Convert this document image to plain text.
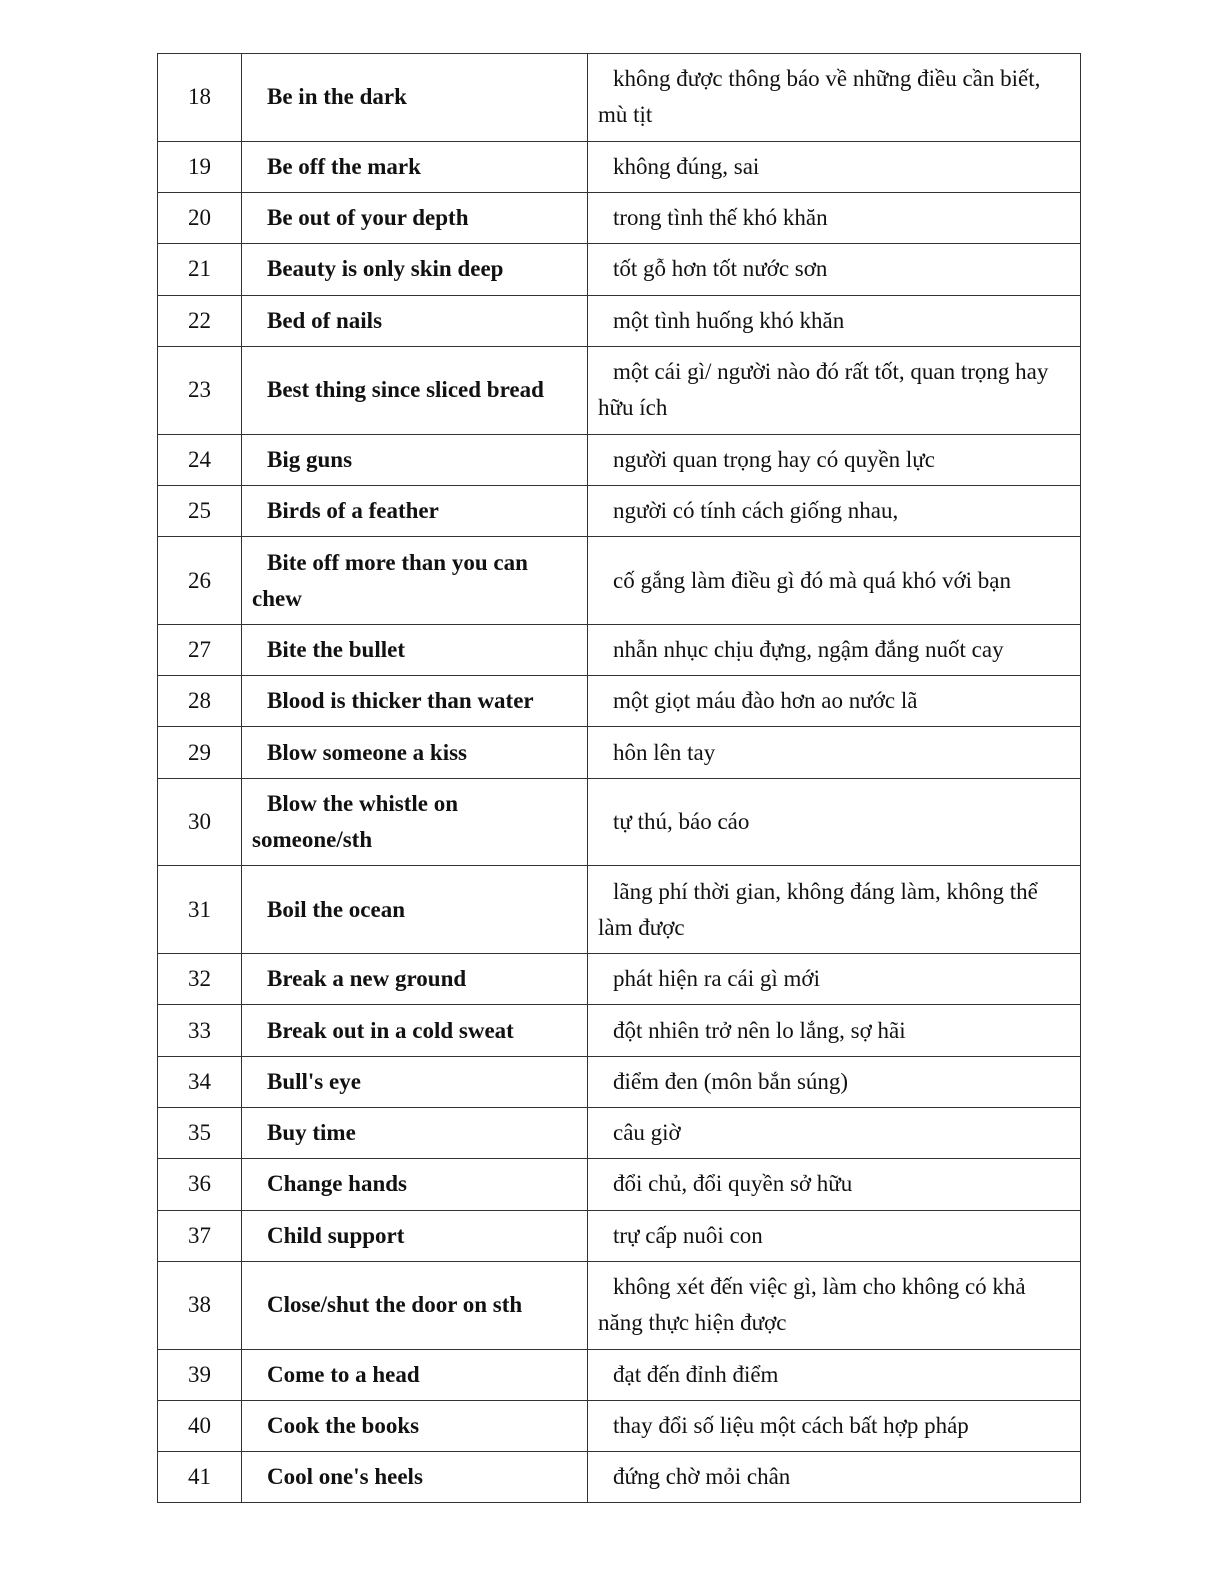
18	Be in the dark	không được thông báo về những điều cần biết, mù tịt
19	Be off the mark	không đúng, sai
20	Be out of your depth	trong tình thế khó khăn
21	Beauty is only skin deep	tốt gỗ hơn tốt nước sơn
22	Bed of nails	một tình huống khó khăn
23	Best thing since sliced bread	một cái gì/ người nào đó rất tốt, quan trọng hay hữu ích
24	Big guns	người quan trọng hay có quyền lực
25	Birds of a feather	người có tính cách giống nhau,
26	Bite off more than you can chew	cố gắng làm điều gì đó mà quá khó với bạn
27	Bite the bullet	nhẫn nhục chịu đựng, ngậm đắng nuốt cay
28	Blood is thicker than water	một giọt máu đào hơn ao nước lã
29	Blow someone a kiss	hôn lên tay
30	Blow the whistle on someone/sth	tự thú, báo cáo
31	Boil the ocean	lãng phí thời gian, không đáng làm, không thể làm được
32	Break a new ground	phát hiện ra cái gì mới
33	Break out in a cold sweat	đột nhiên trở nên lo lắng, sợ hãi
34	Bull's eye	điểm đen (môn bắn súng)
35	Buy time	câu giờ
36	Change hands	đổi chủ, đổi quyền sở hữu
37	Child support	trự cấp nuôi con
38	Close/shut the door on sth	không xét đến việc gì, làm cho không có khả năng thực hiện được
39	Come to a head	đạt đến đỉnh điểm
40	Cook the books	thay đổi số liệu một cách bất hợp pháp
41	Cool one's heels	đứng chờ mỏi chân
